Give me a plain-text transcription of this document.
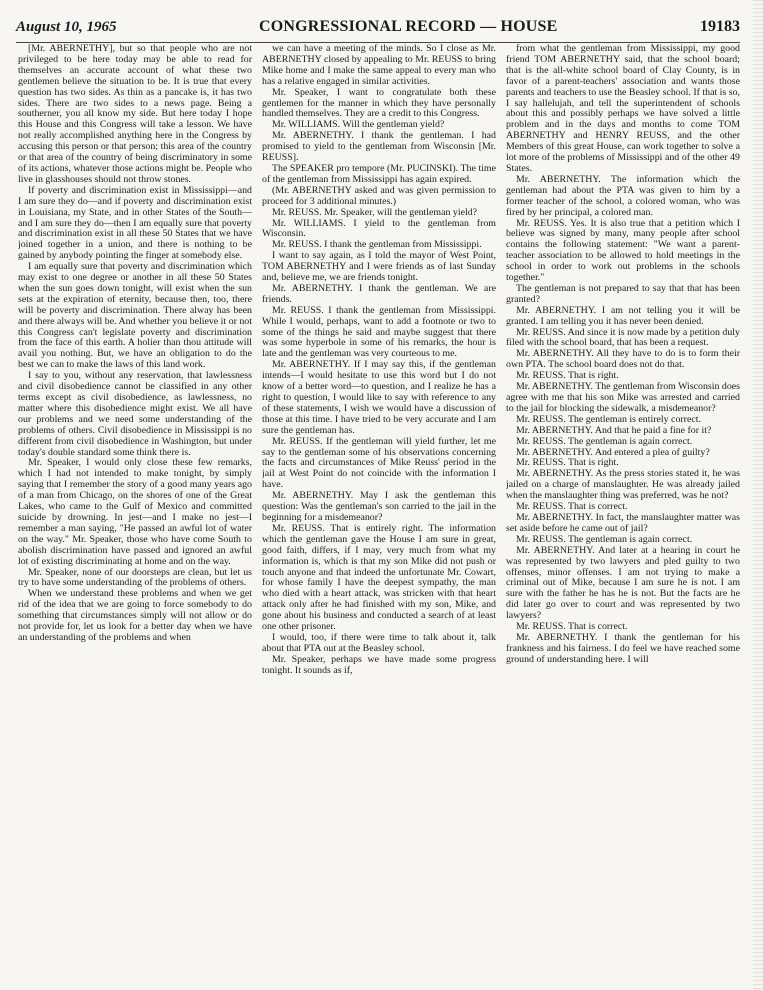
August 10, 1965	CONGRESSIONAL RECORD — HOUSE	19183

[Mr. ABERNETHY], but so that people who are not privileged to be here today may be able to read for themselves an accurate account of what these two gentlemen believe the situation to be. It is true that every question has two sides. As thin as a pancake is, it has two sides. There are two sides to a news page. Being a southerner, you all know my side. But here today I hope this House and this Congress will take a lesson. We have not really accomplished anything here in the Congress by accusing this person or that person; this area of the country or that area of the country of being discriminatory in some of its actions, whatever those actions might be. People who live in glasshouses should not throw stones.

If poverty and discrimination exist in Mississippi—and I am sure they do—and if poverty and discrimination exist in Louisiana, my State, and in other States of the South—and I am sure they do—then I am equally sure that poverty and discrimination exist in all these 50 States that we have joined together in a union, and there is nothing to be gained by anybody pointing the finger at somebody else.

I am equally sure that poverty and discrimination which may exist to one degree or another in all these 50 States when the sun goes down tonight, will exist when the sun sets at the expiration of eternity, because then, too, there will be poverty and discrimination. There alway has been and there always will be. And whether you believe it or not this Congress can't legislate poverty and discrimination from the face of this earth. A holier than thou attitude will avail you nothing. But, we have an obligation to do the best we can to make the laws of this land work.

I say to you, without any reservation, that lawlessness and civil disobedience cannot be classified in any other terms except as civil disobedience, as lawlessness, no matter where this disobedience might exist. We all have our problems and we need some understanding of the problems of others. Civil disobedience in Mississippi is no different from civil disobedience in Washington, but under today's double standard some think there is.

Mr. Speaker, I would only close these few remarks, which I had not intended to make tonight, by simply saying that I remember the story of a good many years ago of a man from Chicago, on the shores of one of the Great Lakes, who came to the Gulf of Mexico and committed suicide by drowning. In jest—and I make no jest—I remember a man saying, "He passed an awful lot of water on the way." Mr. Speaker, those who have come South to abolish discrimination have passed and ignored an awful lot of existing discriminating at home and on the way.

Mr. Speaker, none of our doorsteps are clean, but let us try to have some understanding of the problems of others.

When we understand these problems and when we get rid of the idea that we are going to force somebody to do something that circumstances simply will not allow or do not provide for, let us look for a better day when we have an understanding of the problems and when

we can have a meeting of the minds. So I close as Mr. ABERNETHY closed by appealing to Mr. REUSS to bring Mike home and I make the same appeal to every man who has a relative engaged in similar activities.

Mr. Speaker, I want to congratulate both these gentlemen for the manner in which they have personally handled themselves. They are a credit to this Congress.

Mr. WILLIAMS. Will the gentleman yield?

Mr. ABERNETHY. I thank the gentleman. I had promised to yield to the gentleman from Wisconsin [Mr. REUSS].

The SPEAKER pro tempore (Mr. PUCINSKI). The time of the gentleman from Mississippi has again expired.

(Mr. ABERNETHY asked and was given permission to proceed for 3 additional minutes.)

Mr. REUSS. Mr. Speaker, will the gentleman yield?

Mr. WILLIAMS. I yield to the gentleman from Wisconsin.

Mr. REUSS. I thank the gentleman from Mississippi.

I want to say again, as I told the mayor of West Point, TOM ABERNETHY and I were friends as of last Sunday and, believe me, we are friends tonight.

Mr. ABERNETHY. I thank the gentleman. We are friends.

Mr. REUSS. I thank the gentleman from Mississippi. While I would, perhaps, want to add a footnote or two to some of the things he said and maybe suggest that there was some hyperbole in some of his remarks, the hour is late and the gentleman was very courteous to me.

Mr. ABERNETHY. If I may say this, if the gentleman intends—I would hesitate to use this word but I do not know of a better word—to question, and I realize he has a right to question, I would like to say with reference to any of these statements, I wish we would have a discussion of those at this time. I have tried to be very accurate and I am sure the gentleman has.

Mr. REUSS. If the gentleman will yield further, let me say to the gentleman some of his observations concerning the facts and circumstances of Mike Reuss' period in the jail at West Point do not coincide with the information I have.

Mr. ABERNETHY. May I ask the gentleman this question: Was the gentleman's son carried to the jail in the beginning for a misdemeanor?

Mr. REUSS. That is entirely right. The information which the gentleman gave the House I am sure in great, good faith, differs, if I may, very much from what my information is, which is that my son Mike did not push or touch anyone and that indeed the unfortunate Mr. Cowart, for whose family I have the deepest sympathy, the man who died with a heart attack, was stricken with that heart attack only after he had finished with my son, Mike, and gone about his business and conducted a search of at least one other prisoner.

I would, too, if there were time to talk about it, talk about that PTA out at the Beasley school.

Mr. Speaker, perhaps we have made some progress tonight. It sounds as if,

from what the gentleman from Mississippi, my good friend TOM ABERNETHY said, that the school board; that is the all-white school board of Clay County, is in favor of a parent-teachers' association and wants those parents and teachers to use the Beasley school. If that is so, I say hallelujah, and tell the superintendent of schools about this and possibly perhaps we have solved a little problem and in the days and months to come TOM ABERNETHY and HENRY REUSS, and the other Members of this great House, can work together to solve a lot more of the problems of Mississippi and of the other 49 States.

Mr. ABERNETHY. The information which the gentleman had about the PTA was given to him by a former teacher of the school, a colored woman, who was fired by her principal, a colored man.

Mr. REUSS. Yes. It is also true that a petition which I believe was signed by many, many people after school contains the following statement: "We want a parent-teacher association to be allowed to hold meetings in the school in order to work out problems in the schools together."

The gentleman is not prepared to say that that has been granted?

Mr. ABERNETHY. I am not telling you it will be granted. I am telling you it has never been denied.

Mr. REUSS. And since it is now made by a petition duly filed with the school board, that has been a request.

Mr. ABERNETHY. All they have to do is to form their own PTA. The school board does not do that.

Mr. REUSS. That is right.

Mr. ABERNETHY. The gentleman from Wisconsin does agree with me that his son Mike was arrested and carried to the jail for blocking the sidewalk, a misdemeanor?

Mr. REUSS. The gentleman is entirely correct.

Mr. ABERNETHY. And that he paid a fine for it?

Mr. REUSS. The gentleman is again correct.

Mr. ABERNETHY. And entered a plea of guilty?

Mr. REUSS. That is right.

Mr. ABERNETHY. As the press stories stated it, he was jailed on a charge of manslaughter. He was already jailed when the manslaughter thing was preferred, was he not?

Mr. REUSS. That is correct.

Mr. ABERNETHY. In fact, the manslaughter matter was set aside before he came out of jail?

Mr. REUSS. The gentleman is again correct.

Mr. ABERNETHY. And later at a hearing in court he was represented by two lawyers and pled guilty to two offenses, minor offenses. I am not trying to make a criminal out of Mike, because I am sure he is not. I am sure with the father he has he is not. But the facts are he did later go over to court and was represented by two lawyers?

Mr. REUSS. That is correct.

Mr. ABERNETHY. I thank the gentleman for his frankness and his fairness. I do feel we have reached some ground of understanding here. I will
